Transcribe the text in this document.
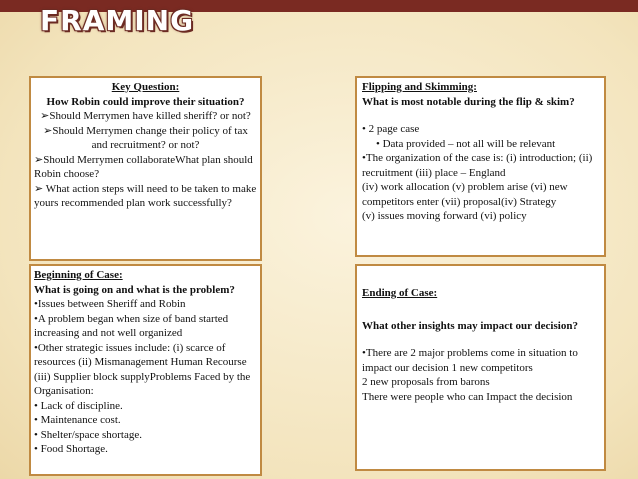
FRAMING

Key Question:

How Robin could improve their situation?

➢Should Merrymen have killed sheriff? or not?

➢Should Merrymen change their policy of tax and recruitment? or not?

➢Should Merrymen collaborateWhat plan should Robin choose?

➢ What action steps will need to be taken to make yours recommended plan work successfully?

Flipping and Skimming:

What is most notable during the flip & skim?

• 2 page case

• Data provided – not all will be relevant

•The organization of the case is: (i) introduction; (ii) recruitment (iii) place – England

(iv) work allocation (v) problem arise (vi) new competitors enter (vii) proposal(iv) Strategy

(v) issues moving forward (vi) policy

Beginning of Case:

What is going on and what is the problem?

•Issues between Sheriff and Robin

•A problem began when size of band started increasing and not well organized

•Other strategic issues include: (i) scarce of resources (ii) Mismanagement Human Recourse (iii) Supplier block supplyProblems Faced by the Organisation:

• Lack of discipline.

• Maintenance cost.

• Shelter/space shortage.

• Food Shortage.

Ending of Case:

What other insights may impact our decision?

•There are 2 major problems come in situation to impact our decision 1 new competitors

2 new proposals from barons

There were people who can Impact the decision
